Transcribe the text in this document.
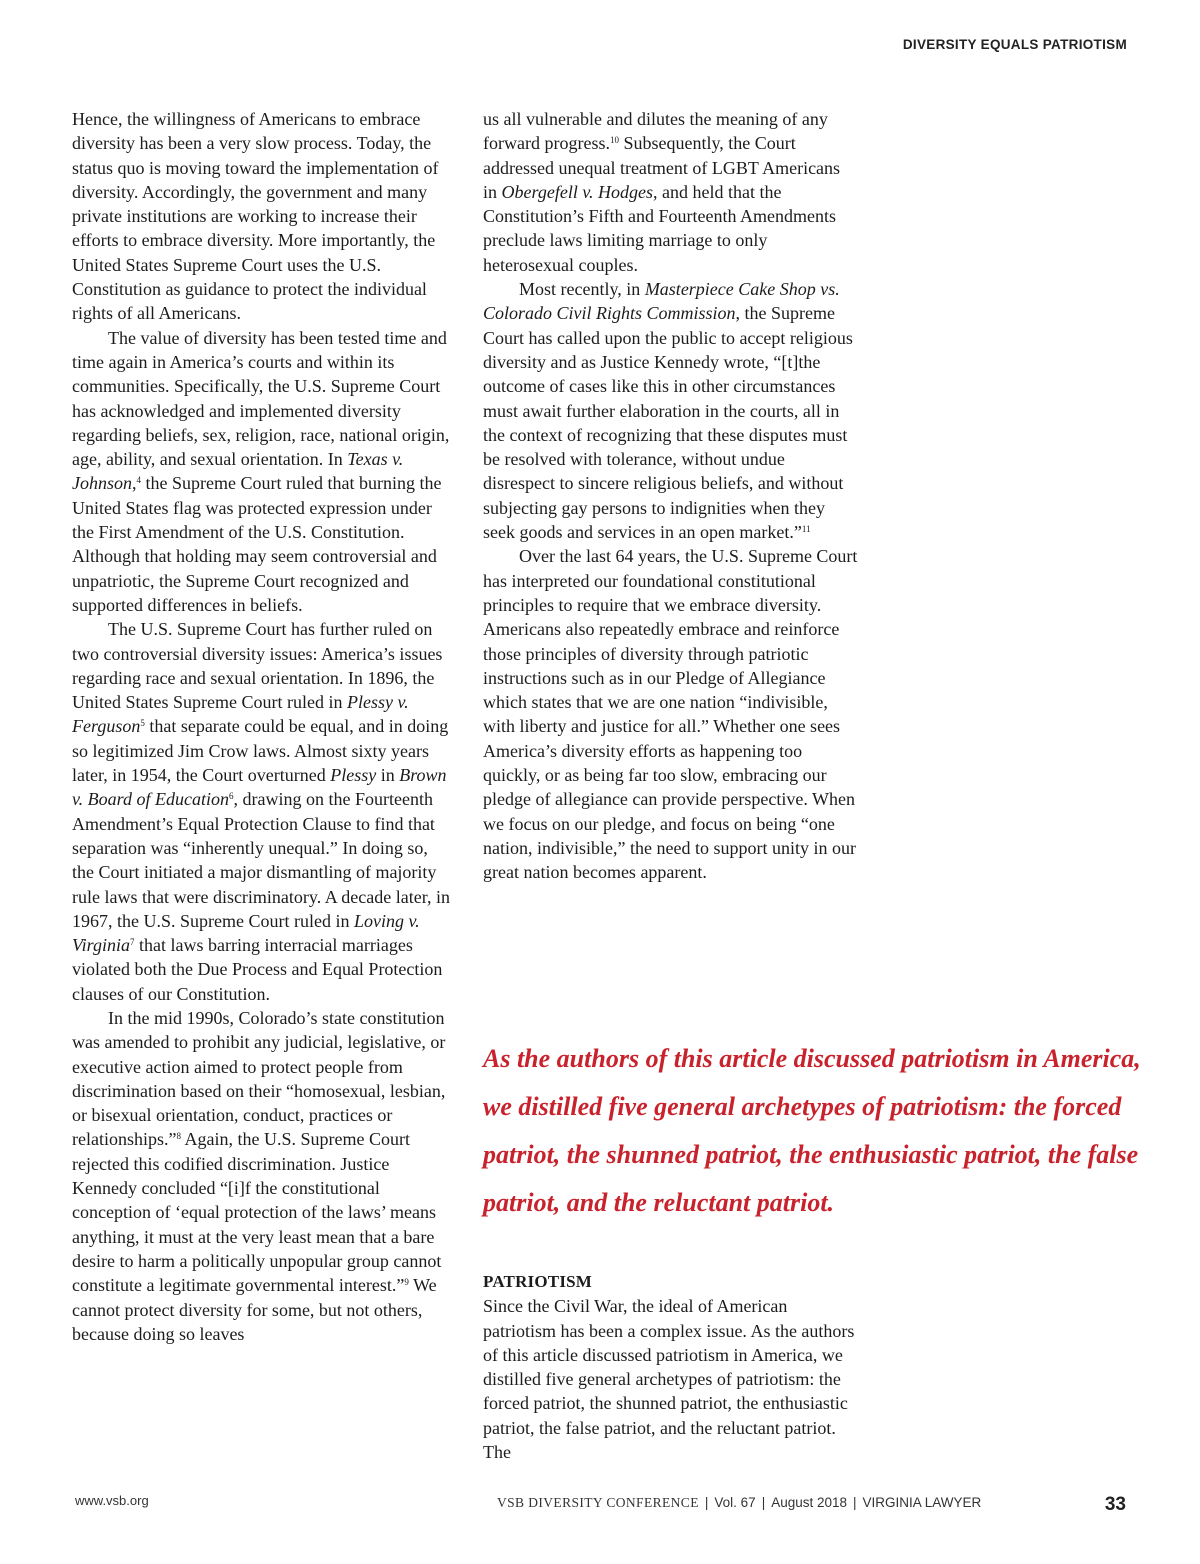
DIVERSITY EQUALS PATRIOTISM

Hence, the willingness of Americans to embrace diversity has been a very slow process. Today, the status quo is moving toward the implementation of diversity. Accordingly, the government and many private institutions are working to increase their efforts to embrace diversity. More importantly, the United States Supreme Court uses the U.S. Constitution as guidance to protect the individual rights of all Americans.

The value of diversity has been tested time and time again in America’s courts and within its communities. Specifically, the U.S. Supreme Court has acknowledged and implemented diversity regarding beliefs, sex, religion, race, national origin, age, ability, and sexual orientation. In Texas v. Johnson,$^4$ the Supreme Court ruled that burning the United States flag was protected expression under the First Amendment of the U.S. Constitution. Although that holding may seem controversial and unpatriotic, the Supreme Court recognized and supported differences in beliefs.

The U.S. Supreme Court has further ruled on two controversial diversity issues: America’s issues regarding race and sexual orientation. In 1896, the United States Supreme Court ruled in Plessy v. Ferguson$^5$ that separate could be equal, and in doing so legitimized Jim Crow laws. Almost sixty years later, in 1954, the Court overturned Plessy in Brown v. Board of Education$^6$, drawing on the Fourteenth Amendment’s Equal Protection Clause to find that separation was “inherently unequal.” In doing so, the Court initiated a major dismantling of majority rule laws that were discriminatory. A decade later, in 1967, the U.S. Supreme Court ruled in Loving v. Virginia$^7$ that laws barring interracial marriages violated both the Due Process and Equal Protection clauses of our Constitution.

In the mid 1990s, Colorado’s state constitution was amended to prohibit any judicial, legislative, or executive action aimed to protect people from discrimination based on their “homosexual, lesbian, or bisexual orientation, conduct, practices or relationships.”$^8$ Again, the U.S. Supreme Court rejected this codified discrimination. Justice Kennedy concluded “[i]f the constitutional conception of ‘equal protection of the laws’ means anything, it must at the very least mean that a bare desire to harm a politically unpopular group cannot constitute a legitimate governmental interest.”$^9$ We cannot protect diversity for some, but not others, because doing so leaves

us all vulnerable and dilutes the meaning of any forward progress.$^{10}$ Subsequently, the Court addressed unequal treatment of LGBT Americans in Obergefell v. Hodges, and held that the Constitution’s Fifth and Fourteenth Amendments preclude laws limiting marriage to only heterosexual couples.

Most recently, in Masterpiece Cake Shop vs. Colorado Civil Rights Commission, the Supreme Court has called upon the public to accept religious diversity and as Justice Kennedy wrote, “[t]the outcome of cases like this in other circumstances must await further elaboration in the courts, all in the context of recognizing that these disputes must be resolved with tolerance, without undue disrespect to sincere religious beliefs, and without subjecting gay persons to indignities when they seek goods and services in an open market.”$^{11}$

Over the last 64 years, the U.S. Supreme Court has interpreted our foundational constitutional principles to require that we embrace diversity. Americans also repeatedly embrace and reinforce those principles of diversity through patriotic instructions such as in our Pledge of Allegiance which states that we are one nation “indivisible, with liberty and justice for all.” Whether one sees America’s diversity efforts as happening too quickly, or as being far too slow, embracing our pledge of allegiance can provide perspective. When we focus on our pledge, and focus on being “one nation, indivisible,” the need to support unity in our great nation becomes apparent.

As the authors of this article discussed patriotism in America, we distilled five general archetypes of patriotism: the forced patriot, the shunned patriot, the enthusiastic patriot, the false patriot, and the reluctant patriot.

PATRIOTISM

Since the Civil War, the ideal of American patriotism has been a complex issue. As the authors of this article discussed patriotism in America, we distilled five general archetypes of patriotism: the forced patriot, the shunned patriot, the enthusiastic patriot, the false patriot, and the reluctant patriot. The

www.vsb.org	VSB DIVERSITY CONFERENCE | Vol. 67 | August 2018 | VIRGINIA LAWYER	33
